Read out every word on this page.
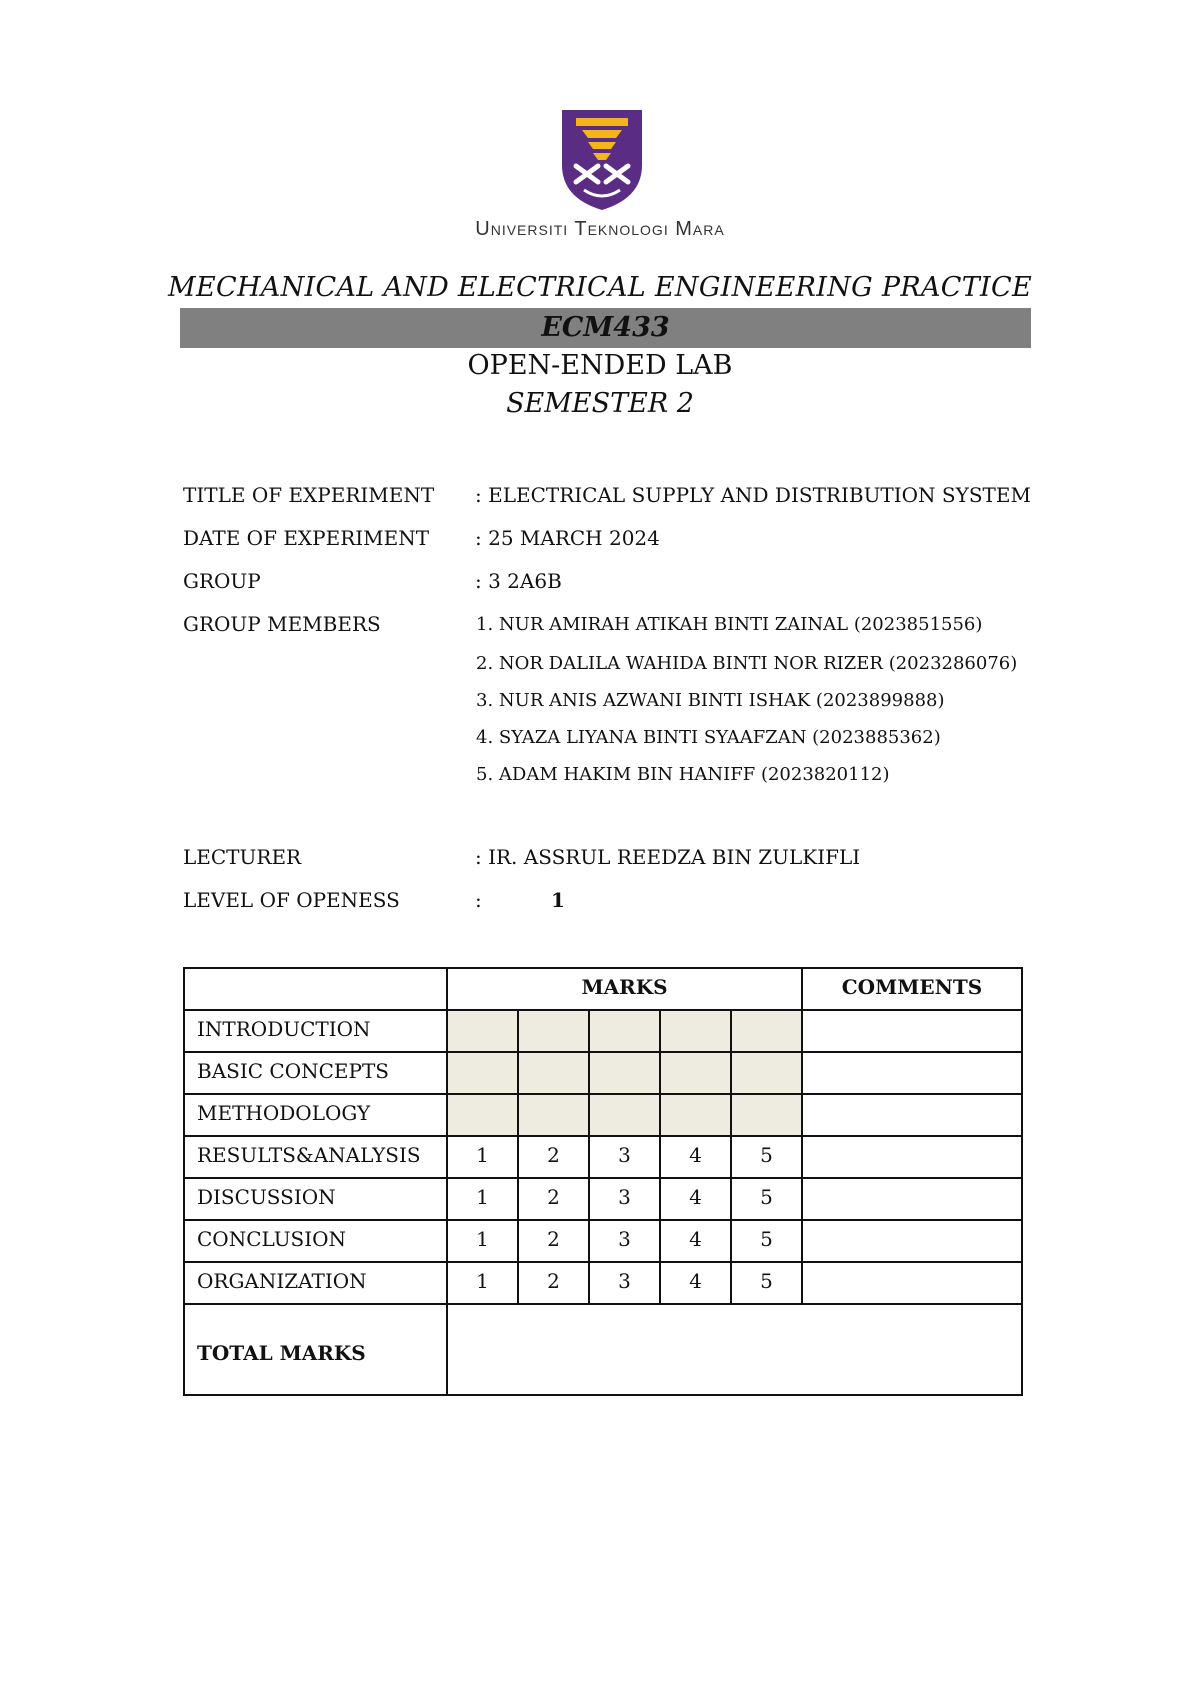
Universiti Teknologi Mara
MECHANICAL AND ELECTRICAL ENGINEERING PRACTICE
ECM433
OPEN-ENDED LAB
SEMESTER 2
TITLE OF EXPERIMENT : ELECTRICAL SUPPLY AND DISTRIBUTION SYSTEM
DATE OF EXPERIMENT : 25 MARCH 2024
GROUP	: 3 2A6B
GROUP MEMBERS	1. NUR AMIRAH ATIKAH BINTI ZAINAL (2023851556)
2. NOR DALILA WAHIDA BINTI NOR RIZER (2023286076)
3. NUR ANIS AZWANI BINTI ISHAK (2023899888)
4. SYAZA LIYANA BINTI SYAAFZAN (2023885362)
5. ADAM HAKIM BIN HANIFF (2023820112)
LECTURER	: IR. ASSRUL REEDZA BIN ZULKIFLI
LEVEL OF OPENESS	:	1
	MARKS					COMMENTS
INTRODUCTION						
BASIC CONCEPTS						
METHODOLOGY						
RESULTS&ANALYSIS	1	2	3	4	5	
DISCUSSION	1	2	3	4	5	
CONCLUSION	1	2	3	4	5	
ORGANIZATION	1	2	3	4	5	
TOTAL MARKS						
